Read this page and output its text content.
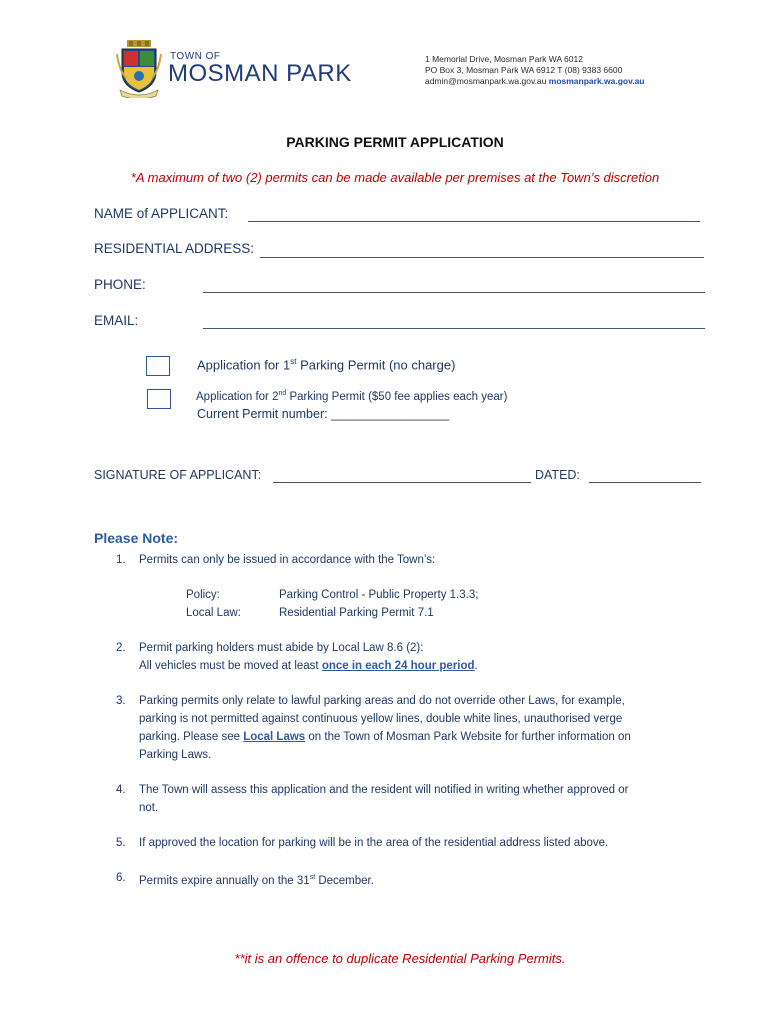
TOWN OF
MOSMAN PARK
1 Memorial Drive, Mosman Park WA 6012
PO Box 3, Mosman Park WA 6912 T (08) 9383 6600
admin@mosmanpark.wa.gov.au mosmanpark.wa.gov.au
PARKING PERMIT APPLICATION
*A maximum of two (2) permits can be made available per premises at the Town’s discretion
NAME of APPLICANT:
RESIDENTIAL ADDRESS:
PHONE:
EMAIL:
Application for 1st Parking Permit (no charge)
Application for 2nd Parking Permit ($50 fee applies each year)
Current Permit number: _________________
SIGNATURE OF APPLICANT:	DATED:
Please Note:
1. Permits can only be issued in accordance with the Town’s:
Policy:	Parking Control - Public Property 1.3.3;
Local Law:	Residential Parking Permit 7.1
2. Permit parking holders must abide by Local Law 8.6 (2):
All vehicles must be moved at least once in each 24 hour period.
3. Parking permits only relate to lawful parking areas and do not override other Laws, for example,
parking is not permitted against continuous yellow lines, double white lines, unauthorised verge
parking. Please see Local Laws on the Town of Mosman Park Website for further information on
Parking Laws.
4. The Town will assess this application and the resident will notified in writing whether approved or
not.
5. If approved the location for parking will be in the area of the residential address listed above.
6. Permits expire annually on the 31st December.
**it is an offence to duplicate Residential Parking Permits.
